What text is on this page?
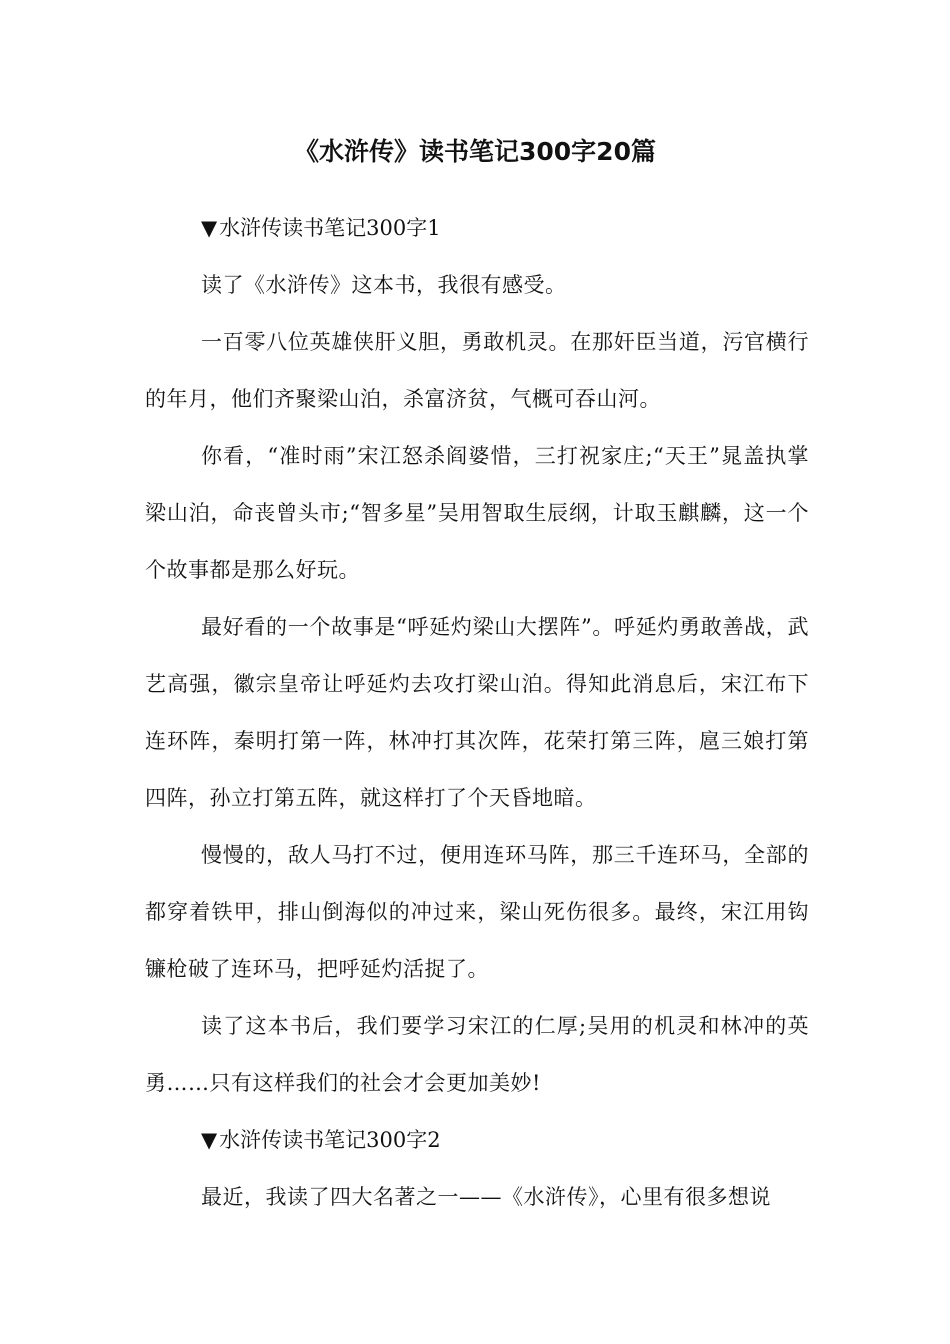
《水浒传》读书笔记300字20篇

▼水浒传读书笔记300字1

读了《水浒传》这本书，我很有感受。

一百零八位英雄侠肝义胆，勇敢机灵。在那奸臣当道，污官横行的年月，他们齐聚梁山泊，杀富济贫，气概可吞山河。

你看，“准时雨”宋江怒杀阎婆惜，三打祝家庄;“天王”晁盖执掌梁山泊，命丧曾头市;“智多星”吴用智取生辰纲，计取玉麒麟，这一个个故事都是那么好玩。

最好看的一个故事是“呼延灼梁山大摆阵”。呼延灼勇敢善战，武艺高强，徽宗皇帝让呼延灼去攻打梁山泊。得知此消息后，宋江布下连环阵，秦明打第一阵，林冲打其次阵，花荣打第三阵，扈三娘打第四阵，孙立打第五阵，就这样打了个天昏地暗。

慢慢的，敌人马打不过，便用连环马阵，那三千连环马，全部的都穿着铁甲，排山倒海似的冲过来，梁山死伤很多。最终，宋江用钩镰枪破了连环马，把呼延灼活捉了。

读了这本书后，我们要学习宋江的仁厚;吴用的机灵和林冲的英勇……只有这样我们的社会才会更加美妙!

▼水浒传读书笔记300字2

最近，我读了四大名著之一——《水浒传》，心里有很多想说
